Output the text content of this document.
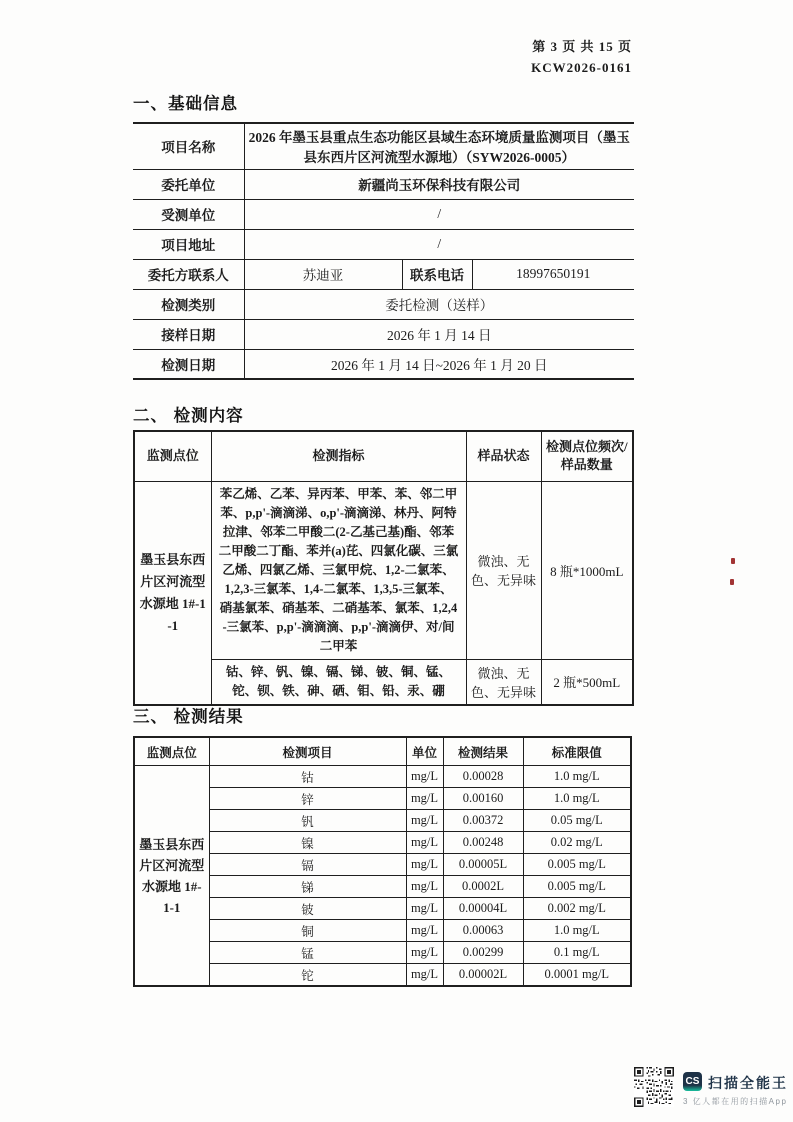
第 3 页 共 15 页
KCW2026-0161
一、基础信息
项目名称	2026 年墨玉县重点生态功能区县域生态环境质量监测项目（墨玉县东西片区河流型水源地）（SYW2026-0005）		
委托单位	新疆尚玉环保科技有限公司		
受测单位	/		
项目地址	/		
委托方联系人	苏迪亚	联系电话	18997650191
检测类别	委托检测（送样）		
接样日期	2026 年 1 月 14 日		
检测日期	2026 年 1 月 14 日~2026 年 1 月 20 日		
二、 检测内容
监测点位	检测指标	样品状态	检测点位频次/样品数量
墨玉县东西片区河流型水源地 1#-1-1	苯乙烯、乙苯、异丙苯、甲苯、苯、邻二甲苯、p,p'-滴滴涕、o,p'-滴滴涕、林丹、阿特拉津、邻苯二甲酸二(2-乙基己基)酯、邻苯二甲酸二丁酯、苯并(a)芘、四氯化碳、三氯乙烯、四氯乙烯、三氯甲烷、1,2-二氯苯、1,2,3-三氯苯、1,4-二氯苯、1,3,5-三氯苯、硝基氯苯、硝基苯、二硝基苯、氯苯、1,2,4-三氯苯、p,p'-滴滴滴、p,p'-滴滴伊、对/间二甲苯	微浊、无色、无异味	8 瓶*1000mL
	钴、锌、钒、镍、镉、锑、铍、铜、锰、铊、钡、铁、砷、硒、钼、铅、汞、硼	微浊、无色、无异味	2 瓶*500mL
三、 检测结果
监测点位	检测项目	单位	检测结果	标准限值
墨玉县东西片区河流型水源地 1#-1-1	钴	mg/L	0.00028	1.0 mg/L
	锌	mg/L	0.00160	1.0 mg/L
	钒	mg/L	0.00372	0.05 mg/L
	镍	mg/L	0.00248	0.02 mg/L
	镉	mg/L	0.00005L	0.005 mg/L
	锑	mg/L	0.0002L	0.005 mg/L
	铍	mg/L	0.00004L	0.002 mg/L
	铜	mg/L	0.00063	1.0 mg/L
	锰	mg/L	0.00299	0.1 mg/L
	铊	mg/L	0.00002L	0.0001 mg/L
CS 扫描全能王
3 亿人都在用的扫描App
